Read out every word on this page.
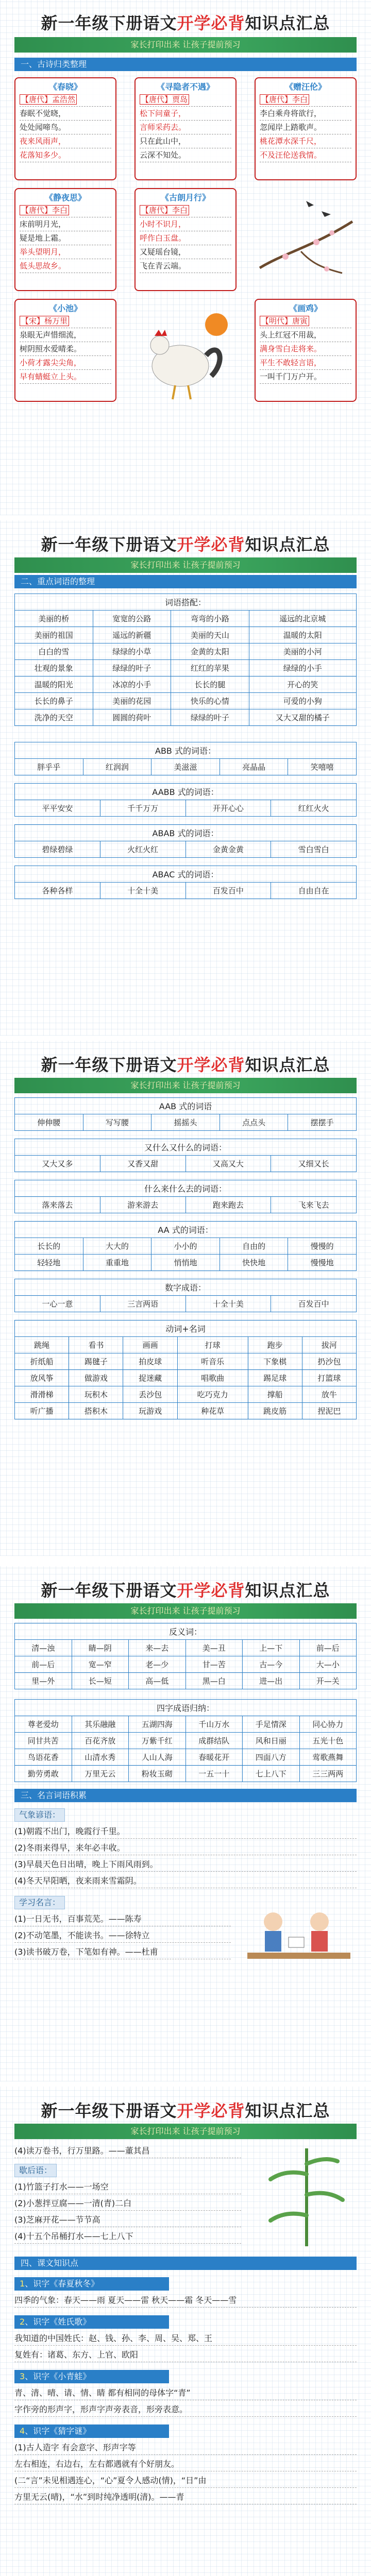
新一年级下册语文开学必背知识点汇总
家长打印出来 让孩子提前预习
一、古诗归类整理
《春晓》
【唐代】孟浩然
春眠不觉晓，
处处闻啼鸟。
夜来风雨声，
花落知多少。
《寻隐者不遇》
【唐代】贾岛
松下问童子，
言师采药去。
只在此山中，
云深不知处。
《赠汪伦》
【唐代】李白
李白乘舟将欲行，
忽闻岸上踏歌声。
桃花潭水深千尺，
不及汪伦送我情。
《静夜思》
【唐代】李白
床前明月光，
疑是地上霜。
举头望明月，
低头思故乡。
《古朗月行》
【唐代】李白
小时不识月，
呼作白玉盘。
又疑瑶台镜，
飞在青云端。
《小池》
【宋】杨万里
泉眼无声惜细流，
树阴照水爱晴柔。
小荷才露尖尖角，
早有蜻蜓立上头。
《画鸡》
【明代】唐寅
头上红冠不用裁，
满身雪白走将来。
平生不敢轻言语，
一叫千门万户开。
新一年级下册语文开学必背知识点汇总
家长打印出来 让孩子提前预习
二、重点词语的整理
词语搭配：			
美丽的桥	宽宽的公路	弯弯的小路	遥远的北京城
美丽的祖国	遥远的新疆	美丽的天山	温暖的太阳
白白的雪	绿绿的小草	金黄的太阳	美丽的小河
壮观的景象	绿绿的叶子	红红的苹果	绿绿的小手
温暖的阳光	冰凉的小手	长长的腿	开心的笑
长长的鼻子	美丽的花园	快乐的心情	可爱的小狗
洗净的天空	圆圆的荷叶	绿绿的叶子	又大又甜的橘子
ABB 式的词语：
胖乎乎	红润润	美滋滋	亮晶晶	笑嘻嘻
AABB 式的词语：
平平安安	千千万万	开开心心	红红火火
ABAB 式的词语：
碧绿碧绿	火红火红	金黄金黄	雪白雪白
ABAC 式的词语：
各种各样	十全十美	百发百中	自由自在
新一年级下册语文开学必背知识点汇总
家长打印出来 让孩子提前预习
AAB 式的词语
伸伸腰	写写腰	摇摇头	点点头	摆摆手
又什么又什么的词语：
又大又多	又香又甜	又高又大	又细又长
什么来什么去的词语：
落来落去	游来游去	跑来跑去	飞来飞去
AA 式的词语：				
长长的	大大的	小小的	自由的	慢慢的
轻轻地	重重地	悄悄地	快快地	慢慢地
数字成语：
一心一意	三言两语	十全十美	百发百中
动词+名词					
跳绳	看书	画画	打球	跑步	拔河
折纸船	踢毽子	拍皮球	听音乐	下象棋	扔沙包
放风筝	做游戏	捉迷藏	唱歌曲	踢足球	打篮球
滑滑梯	玩积木	丢沙包	吃巧克力	撑船	放牛
听广播	搭积木	玩游戏	种花草	跳皮筋	捏泥巴
新一年级下册语文开学必背知识点汇总
家长打印出来 让孩子提前预习
反义词：					
清—浊	睛—阴	来—去	美—丑	上—下	前—后
前—后	宽—窄	老—少	甘—苦	古—今	大—小
里—外	长—短	高—低	黑—白	进—出	开—关
四字成语归纳：					
尊老爱幼	其乐融融	五湖四海	千山万水	手足情深	同心协力
同甘共苦	百花齐放	万紫千红	成群结队	风和日丽	五光十色
鸟语花香	山清水秀	人山人海	春暖花开	四面八方	莺歌燕舞
勤劳勇敢	万里无云	粉妆玉砌	一五一十	七上八下	三三两两
三、名言词语积累
气象谚语：
(1)朝霞不出门，晚霞行千里。
(2)冬雨来得早，来年必丰收。
(3)早晨天色日出晴，晚上下雨风雨到。
(4)冬天早阳晒，夜来雨来雪霜阴。
学习名言：
(1)一日无书，百事荒芜。——陈寿
(2)不动笔墨，不能读书。——徐特立
(3)读书破万卷，下笔如有神。——杜甫
新一年级下册语文开学必背知识点汇总
家长打印出来 让孩子提前预习
(4)读万卷书，行万里路。——董其昌
歇后语：
(1)竹篮子打水——一场空
(2)小葱拌豆腐——一清(青)二白
(3)芝麻开花——节节高
(4)十五个吊桶打水——七上八下
四、课文知识点
1、识字《春夏秋冬》
四季的气象：春天——雨 夏天——雷 秋天——霜 冬天——雪
2、识字《姓氏歌》
我知道的中国姓氏：赵、钱、孙、李、周、吴、郑、王
复姓有：诸葛、东方、上官、欧阳
3、识字《小青蛙》
青、清、晴、请、情、睛 都有相同的母体字“青”
字作旁的形声字，形声字声旁表音，形旁表意。
4、识字《猜字谜》
(1)古人造字 有会意字、形声字等
左右相连，右边右，左右都遇就有个好朋友。
(二“言”未见相遇连心，“心”夏令人感动(情)，“日”由
方里无云(晴)，“水”到时纯净透明(清)。——青
